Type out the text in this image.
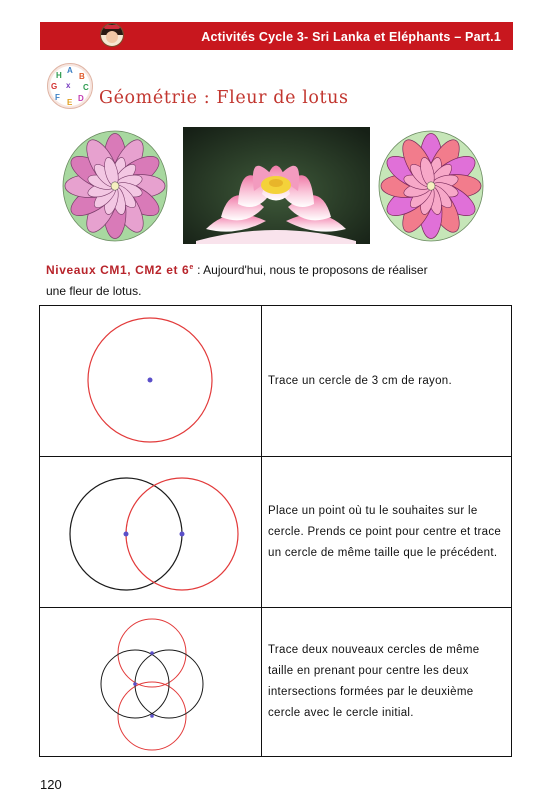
Activités Cycle 3- Sri Lanka et Eléphants – Part.1
A
B
C
D
E
F
G
H
x
Géométrie : Fleur de lotus
Niveaux CM1, CM2 et 6e : Aujourd'hui, nous te proposons de réaliser
une fleur de lotus.
	Trace un cercle de 3 cm de rayon.

	Place un point où tu le souhaites sur le cercle. Prends ce point pour centre et trace un cercle de même taille que le précédent.

	Trace deux nouveaux cercles de même taille en prenant pour centre les deux intersections formées par le deuxième cercle avec le cercle initial.
120
